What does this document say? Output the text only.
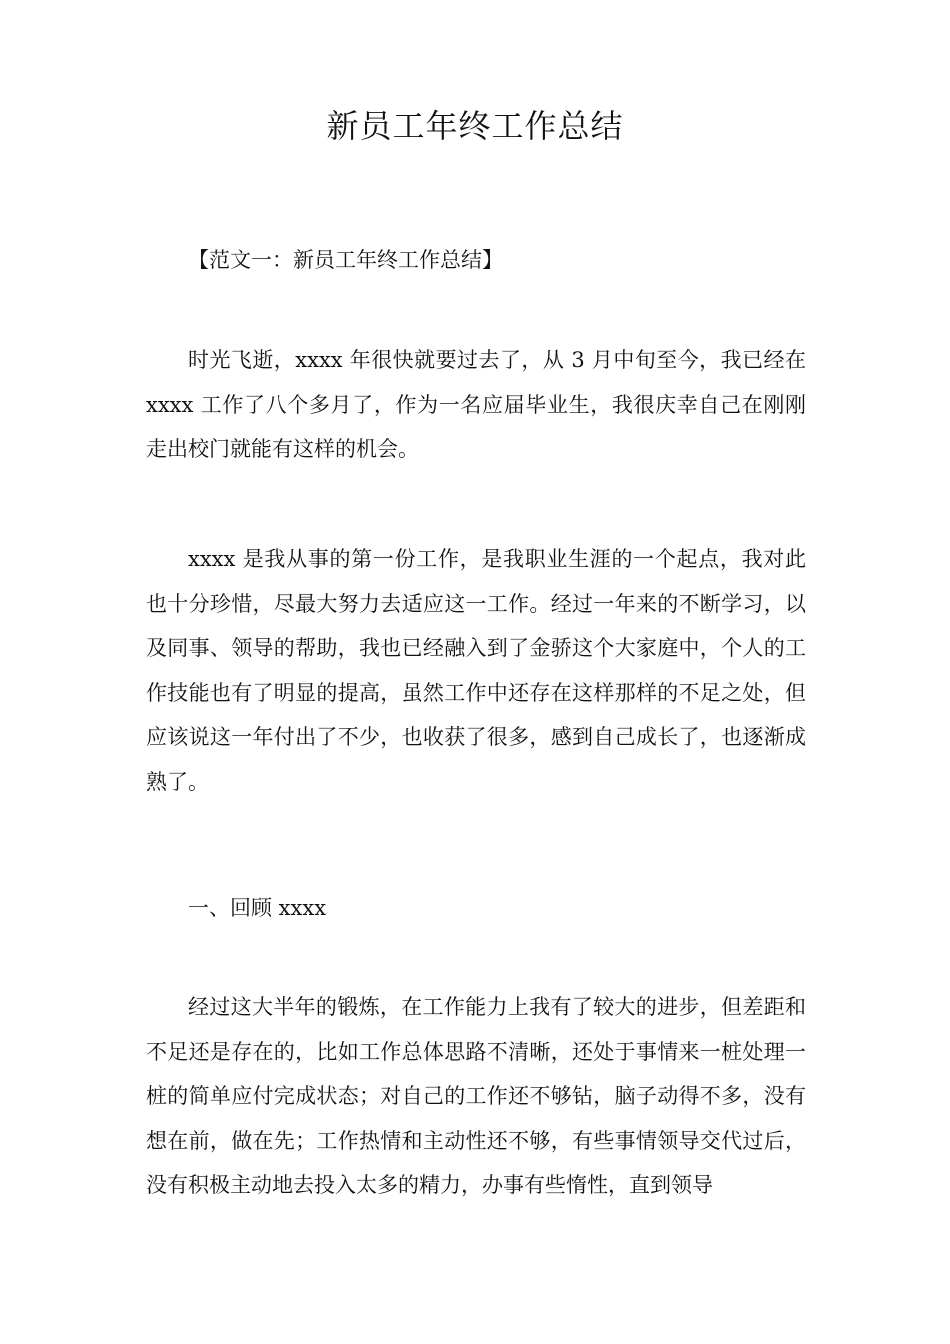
新员工年终工作总结

【范文一：新员工年终工作总结】

时光飞逝，xxxx 年很快就要过去了，从 3 月中旬至今，我已经在 xxxx 工作了八个多月了，作为一名应届毕业生，我很庆幸自己在刚刚走出校门就能有这样的机会。

xxxx 是我从事的第一份工作，是我职业生涯的一个起点，我对此也十分珍惜，尽最大努力去适应这一工作。经过一年来的不断学习，以及同事、领导的帮助，我也已经融入到了金骄这个大家庭中，个人的工作技能也有了明显的提高，虽然工作中还存在这样那样的不足之处，但应该说这一年付出了不少，也收获了很多，感到自己成长了，也逐渐成熟了。

一、回顾 xxxx

经过这大半年的锻炼，在工作能力上我有了较大的进步，但差距和不足还是存在的，比如工作总体思路不清晰，还处于事情来一桩处理一桩的简单应付完成状态；对自己的工作还不够钻，脑子动得不多，没有想在前，做在先；工作热情和主动性还不够，有些事情领导交代过后，没有积极主动地去投入太多的精力，办事有些惰性，直到领导
